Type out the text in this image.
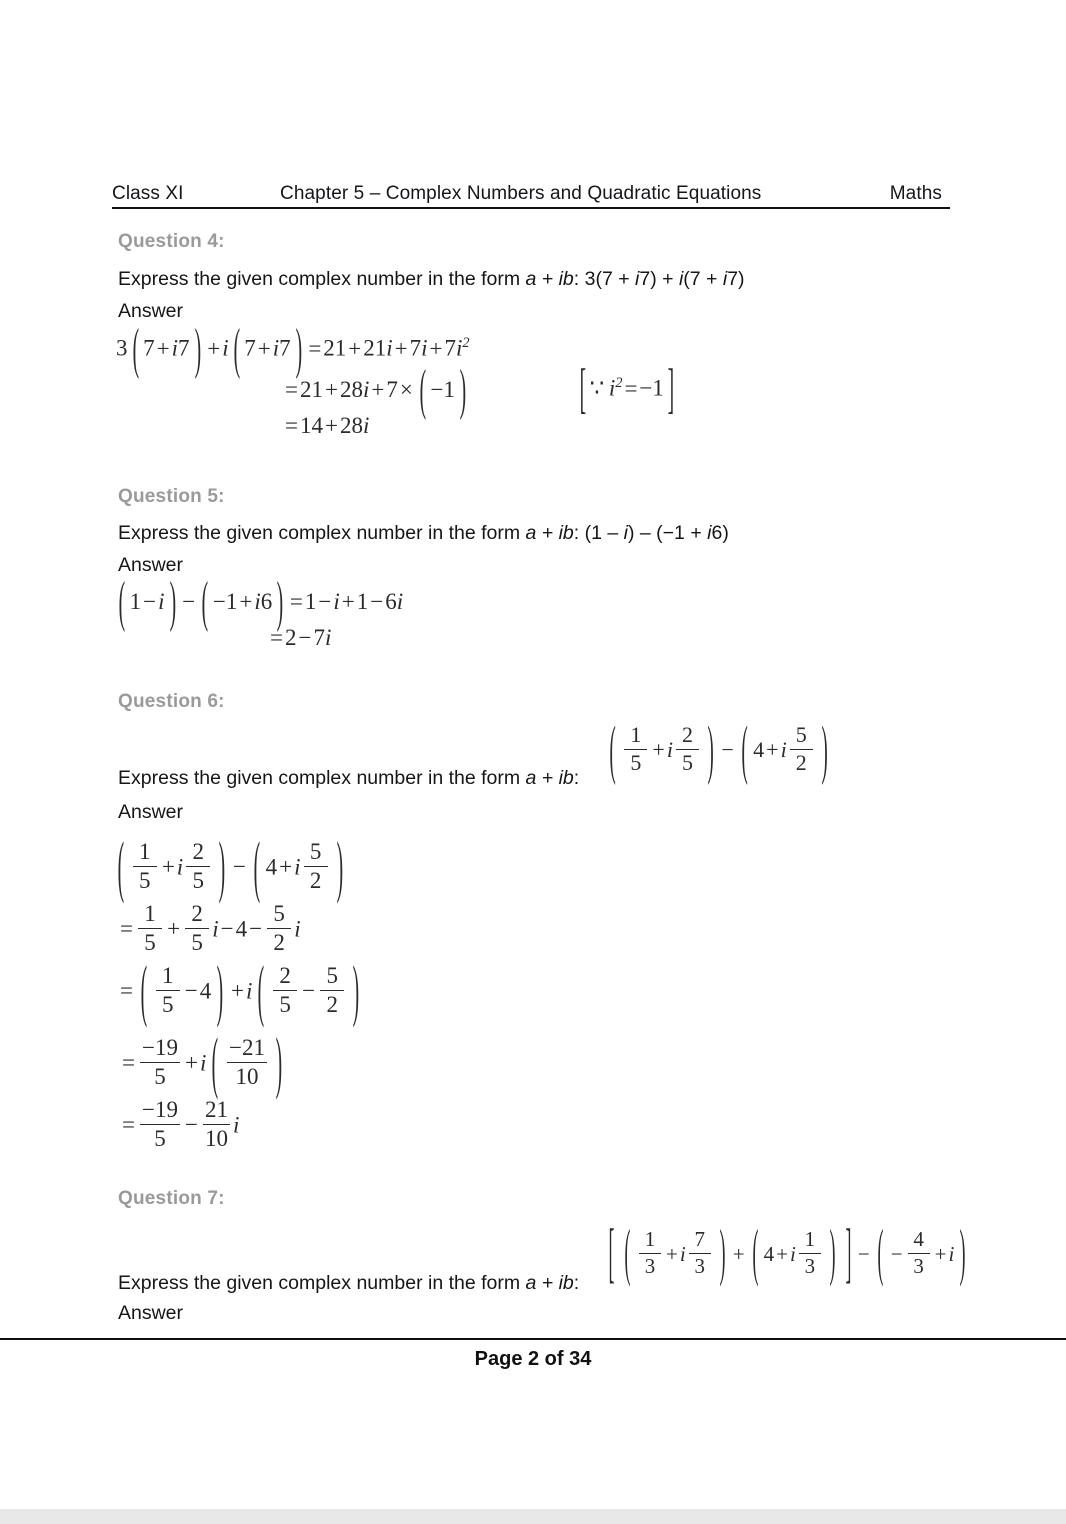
Class XI	Chapter 5 – Complex Numbers and Quadratic Equations	Maths
Question 4:
Express the given complex number in the form a + ib: 3(7 + i7) + i(7 + i7)
Answer
3 ( 7+i7 ) +i ( 7+i7 ) $=21+21i+7i+7i^2$
=21+28i+7× ( −1 )	[ ∵ $i^2=-1$ ]
=14+28i
Question 5:
Express the given complex number in the form a + ib: (1 – i) – (−1 + i6)
Answer
( 1−i ) − ( −1+i6 ) =1−i+1−6i
=2−7i
Question 6:
Express the given complex number in the form a + ib: ( $\frac{1}{5} +i \frac{2}{5}$ ) − ( $4+i \frac{5}{2}$ )
Answer
( $\frac{1}{5} +i \frac{2}{5}$ ) − ( $4+i \frac{5}{2}$ )
= $\frac{1}{5} + \frac{2}{5} i-4- \frac{5}{2}$ i
= ( $\frac{1}{5} -4$ ) +i ( $\frac{2}{5} - \frac{5}{2}$ )
= $\frac{-19}{5} +i$ ( $\frac{-21}{10}$ )
= $\frac{-19}{5} - \frac{21}{10}$ i
Question 7:
Express the given complex number in the form a + ib: [ ( $\frac{1}{3} +i \frac{7}{3}$ ) + ( $4+i \frac{1}{3}$ ) ] − ( − $\frac{4}{3} +i$ )
Answer
Page 2 of 34
